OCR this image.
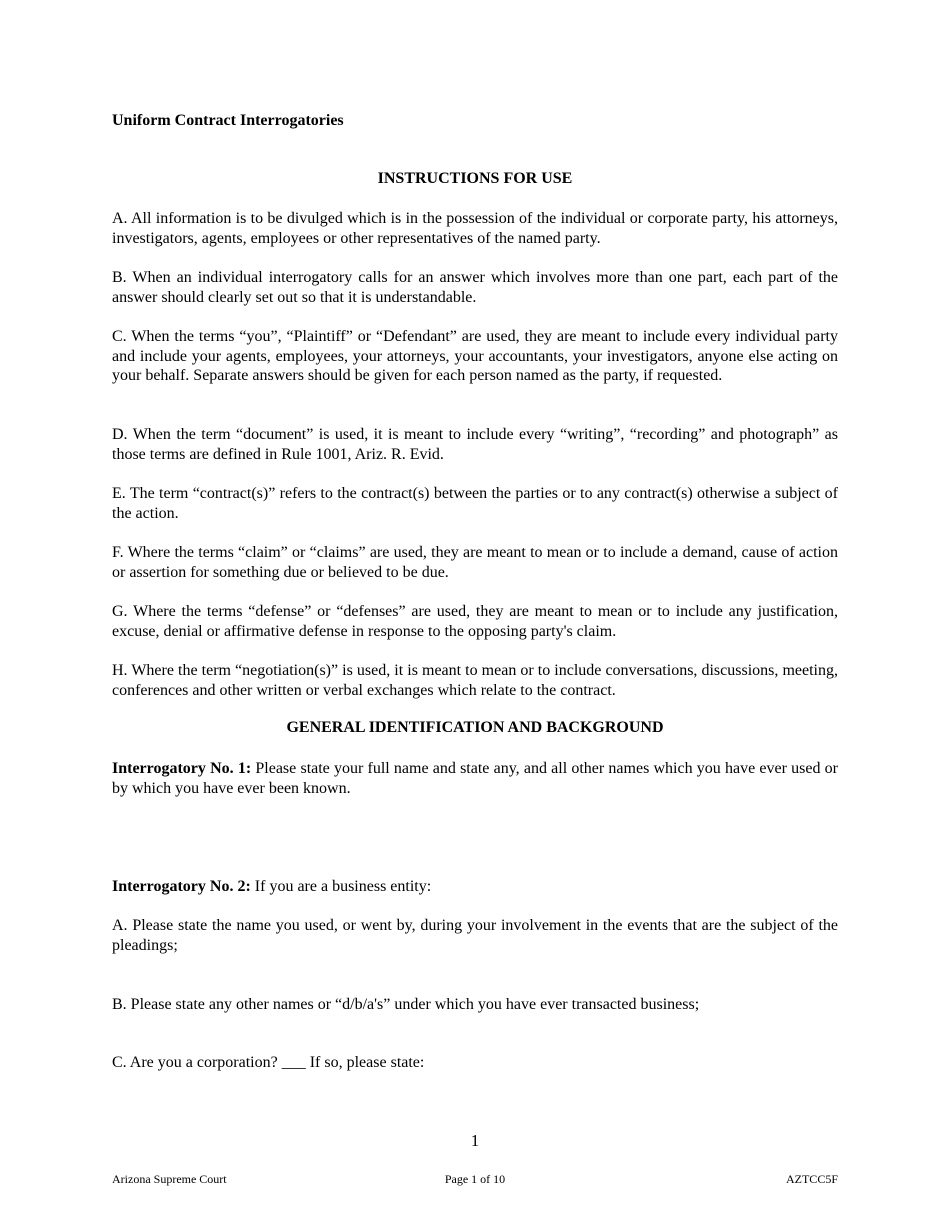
Uniform Contract Interrogatories
INSTRUCTIONS FOR USE

A. All information is to be divulged which is in the possession of the individual or corporate party, his attorneys, investigators, agents, employees or other representatives of the named party.

B. When an individual interrogatory calls for an answer which involves more than one part, each part of the answer should clearly set out so that it is understandable.

C. When the terms “you”, “Plaintiff” or “Defendant” are used, they are meant to include every individual party and include your agents, employees, your attorneys, your accountants, your investigators, anyone else acting on your behalf. Separate answers should be given for each person named as the party, if requested.

D. When the term “document” is used, it is meant to include every “writing”, “recording” and photograph” as those terms are defined in Rule 1001, Ariz. R. Evid.

E. The term “contract(s)” refers to the contract(s) between the parties or to any contract(s) otherwise a subject of the action.

F. Where the terms “claim” or “claims” are used, they are meant to mean or to include a demand, cause of action or assertion for something due or believed to be due.

G. Where the terms “defense” or “defenses” are used, they are meant to mean or to include any justification, excuse, denial or affirmative defense in response to the opposing party's claim.

H. Where the term “negotiation(s)” is used, it is meant to mean or to include conversations, discussions, meeting, conferences and other written or verbal exchanges which relate to the contract.

GENERAL IDENTIFICATION AND BACKGROUND

Interrogatory No. 1: Please state your full name and state any, and all other names which you have ever used or by which you have ever been known.

Interrogatory No. 2: If you are a business entity:

A. Please state the name you used, or went by, during your involvement in the events that are the subject of the pleadings;

B. Please state any other names or “d/b/a's” under which you have ever transacted business;

C. Are you a corporation? ___ If so, please state:

1
Arizona Supreme Court	Page 1 of 10	AZTCC5F
